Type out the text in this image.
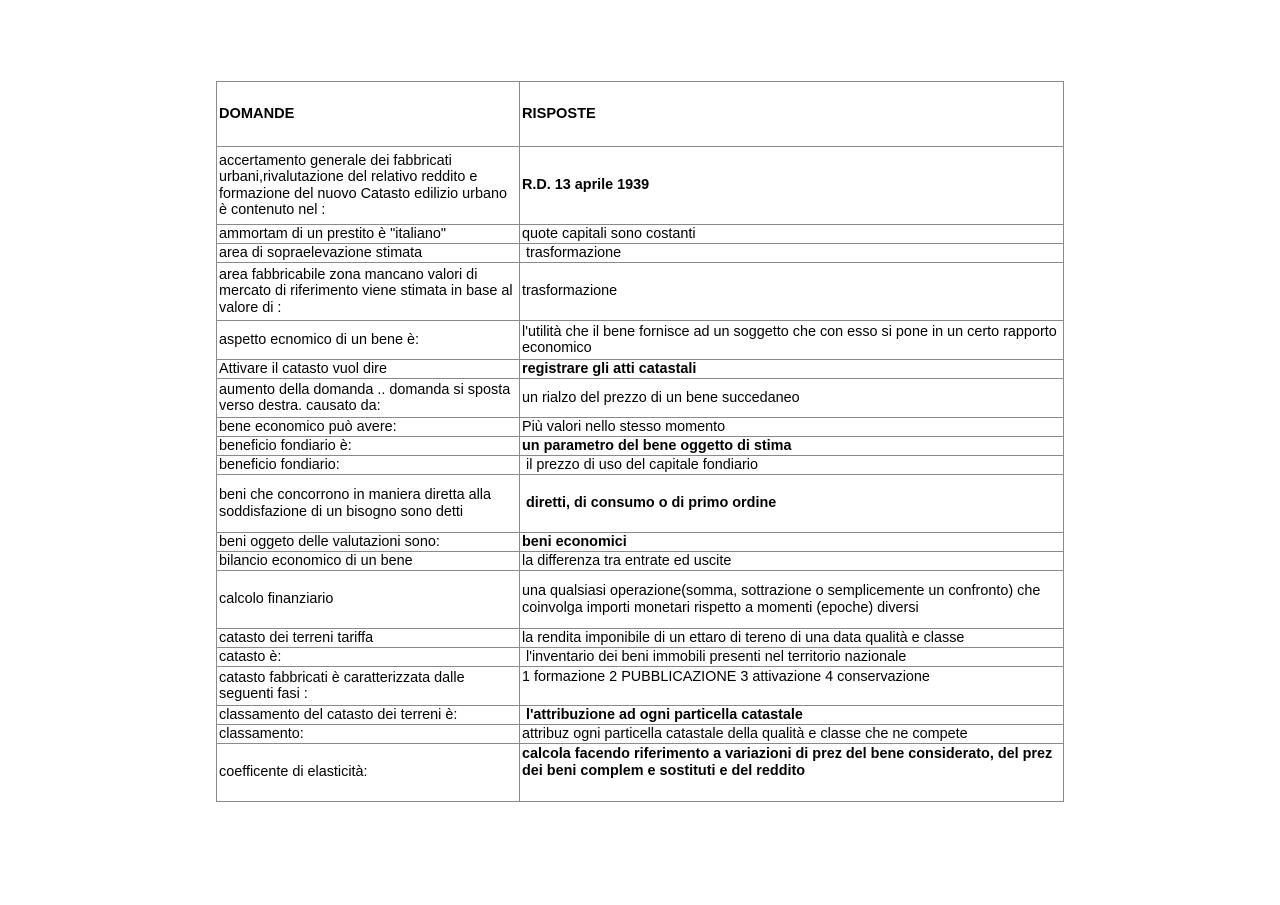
DOMANDE	RISPOSTE
accertamento generale dei fabbricati urbani,rivalutazione del relativo reddito e formazione del nuovo Catasto edilizio urbano è contenuto nel :	R.D. 13 aprile 1939
ammortam di un prestito è "italiano"	quote capitali sono costanti
area di sopraelevazione stimata	trasformazione
area fabbricabile zona mancano valori di mercato di riferimento viene stimata in base al valore di :	trasformazione
aspetto ecnomico di un bene è:	l'utilità che il bene fornisce ad un soggetto che con esso si pone in un certo rapporto economico
Attivare il catasto vuol dire	registrare gli atti catastali
aumento della domanda .. domanda si sposta verso destra. causato da:	un rialzo del prezzo di un bene succedaneo
bene economico può avere:	Più valori nello stesso momento
beneficio fondiario è:	un parametro del bene oggetto di stima
beneficio fondiario:	il prezzo di uso del capitale fondiario
beni che concorrono in maniera diretta alla soddisfazione di un bisogno sono detti	diretti, di consumo o di primo ordine
beni oggeto delle valutazioni sono:	beni economici
bilancio economico di un bene	la differenza tra entrate ed uscite
calcolo finanziario	una qualsiasi operazione(somma, sottrazione o semplicemente un confronto) che coinvolga importi monetari rispetto a momenti (epoche) diversi
catasto dei terreni tariffa	la rendita imponibile di un ettaro di tereno di una data qualità e classe
catasto è:	l'inventario dei beni immobili presenti nel territorio nazionale
catasto fabbricati è caratterizzata dalle seguenti fasi :	1 formazione 2 PUBBLICAZIONE 3 attivazione 4 conservazione
classamento del catasto dei terreni è:	l'attribuzione ad ogni particella catastale
classamento:	attribuz ogni particella catastale della qualità e classe che ne compete
coefficente di elasticità:	calcola facendo riferimento a variazioni di prez del bene considerato, del prez dei beni complem e sostituti e del reddito
